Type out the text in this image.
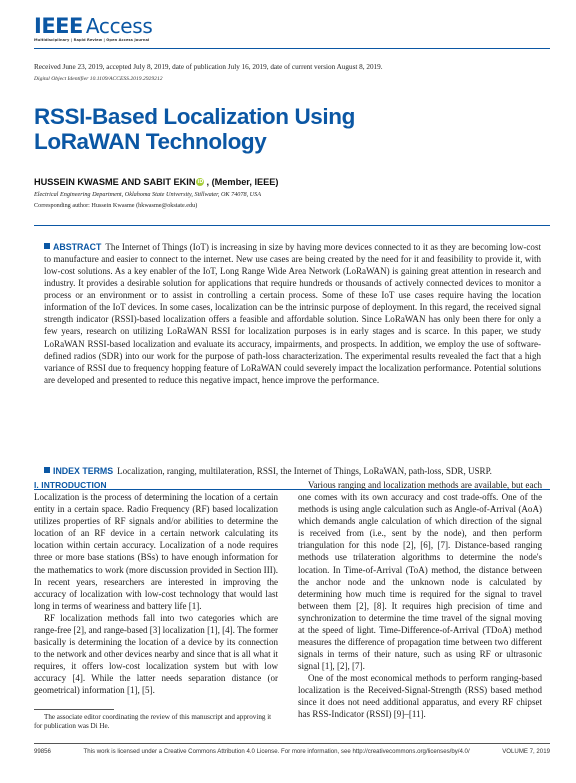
IEEE Access
Multidisciplinary | Rapid Review | Open Access Journal
Received June 23, 2019, accepted July 8, 2019, date of publication July 16, 2019, date of current version August 8, 2019.
Digital Object Identifier 10.1109/ACCESS.2019.2929212
RSSI-Based Localization Using
LoRaWAN Technology
HUSSEIN KWASME AND SABIT EKIN iD , (Member, IEEE)
Electrical Engineering Department, Oklahoma State University, Stillwater, OK 74078, USA
Corresponding author: Hussein Kwasme (hkwasme@okstate.edu)
ABSTRACT The Internet of Things (IoT) is increasing in size by having more devices connected to it as they are becoming low-cost to manufacture and easier to connect to the internet. New use cases are being created by the need for it and feasibility to provide it, with low-cost solutions. As a key enabler of the IoT, Long Range Wide Area Network (LoRaWAN) is gaining great attention in research and industry. It provides a desirable solution for applications that require hundreds or thousands of actively connected devices to monitor a process or an environment or to assist in controlling a certain process. Some of these IoT use cases require having the location information of the IoT devices. In some cases, localization can be the intrinsic purpose of deployment. In this regard, the received signal strength indicator (RSSI)-based localization offers a feasible and affordable solution. Since LoRaWAN has only been there for only a few years, research on utilizing LoRaWAN RSSI for localization purposes is in early stages and is scarce. In this paper, we study LoRaWAN RSSI-based localization and evaluate its accuracy, impairments, and prospects. In addition, we employ the use of software-defined radios (SDR) into our work for the purpose of path-loss characterization. The experimental results revealed the fact that a high variance of RSSI due to frequency hopping feature of LoRaWAN could severely impact the localization performance. Potential solutions are developed and presented to reduce this negative impact, hence improve the performance.
INDEX TERMS Localization, ranging, multilateration, RSSI, the Internet of Things, LoRaWAN, path-loss, SDR, USRP.
I. INTRODUCTION

Localization is the process of determining the location of a certain entity in a certain space. Radio Frequency (RF) based localization utilizes properties of RF signals and/or abilities to determine the location of an RF device in a certain network calculating its location within certain accuracy. Localization of a node requires three or more base stations (BSs) to have enough information for the mathematics to work (more discussion provided in Section III). In recent years, researchers are interested in improving the accuracy of localization with low-cost technology that would last long in terms of weariness and battery life [1].

RF localization methods fall into two categories which are range-free [2], and range-based [3] localization [1], [4]. The former basically is determining the location of a device by its connection to the network and other devices nearby and since that is all what it requires, it offers low-cost localization system but with low accuracy [4]. While the latter needs separation distance (or geometrical) information [1], [5].

Various ranging and localization methods are available, but each one comes with its own accuracy and cost trade-offs. One of the methods is using angle calculation such as Angle-of-Arrival (AoA) which demands angle calculation of which direction of the signal is received from (i.e., sent by the node), and then perform triangulation for this node [2], [6], [7]. Distance-based ranging methods use trilateration algorithms to determine the node's location. In Time-of-Arrival (ToA) method, the distance between the anchor node and the unknown node is calculated by determining how much time is required for the signal to travel between them [2], [8]. It requires high precision of time and synchronization to determine the time travel of the signal moving at the speed of light. Time-Difference-of-Arrival (TDoA) method measures the difference of propagation time between two different signals in terms of their nature, such as using RF or ultrasonic signal [1], [2], [7].

One of the most economical methods to perform ranging-based localization is the Received-Signal-Strength (RSS) based method since it does not need additional apparatus, and every RF chipset has RSS-Indicator (RSSI) [9]–[11].

The associate editor coordinating the review of this manuscript and approving it for publication was Di He.
99856	This work is licensed under a Creative Commons Attribution 4.0 License. For more information, see http://creativecommons.org/licenses/by/4.0/	VOLUME 7, 2019
